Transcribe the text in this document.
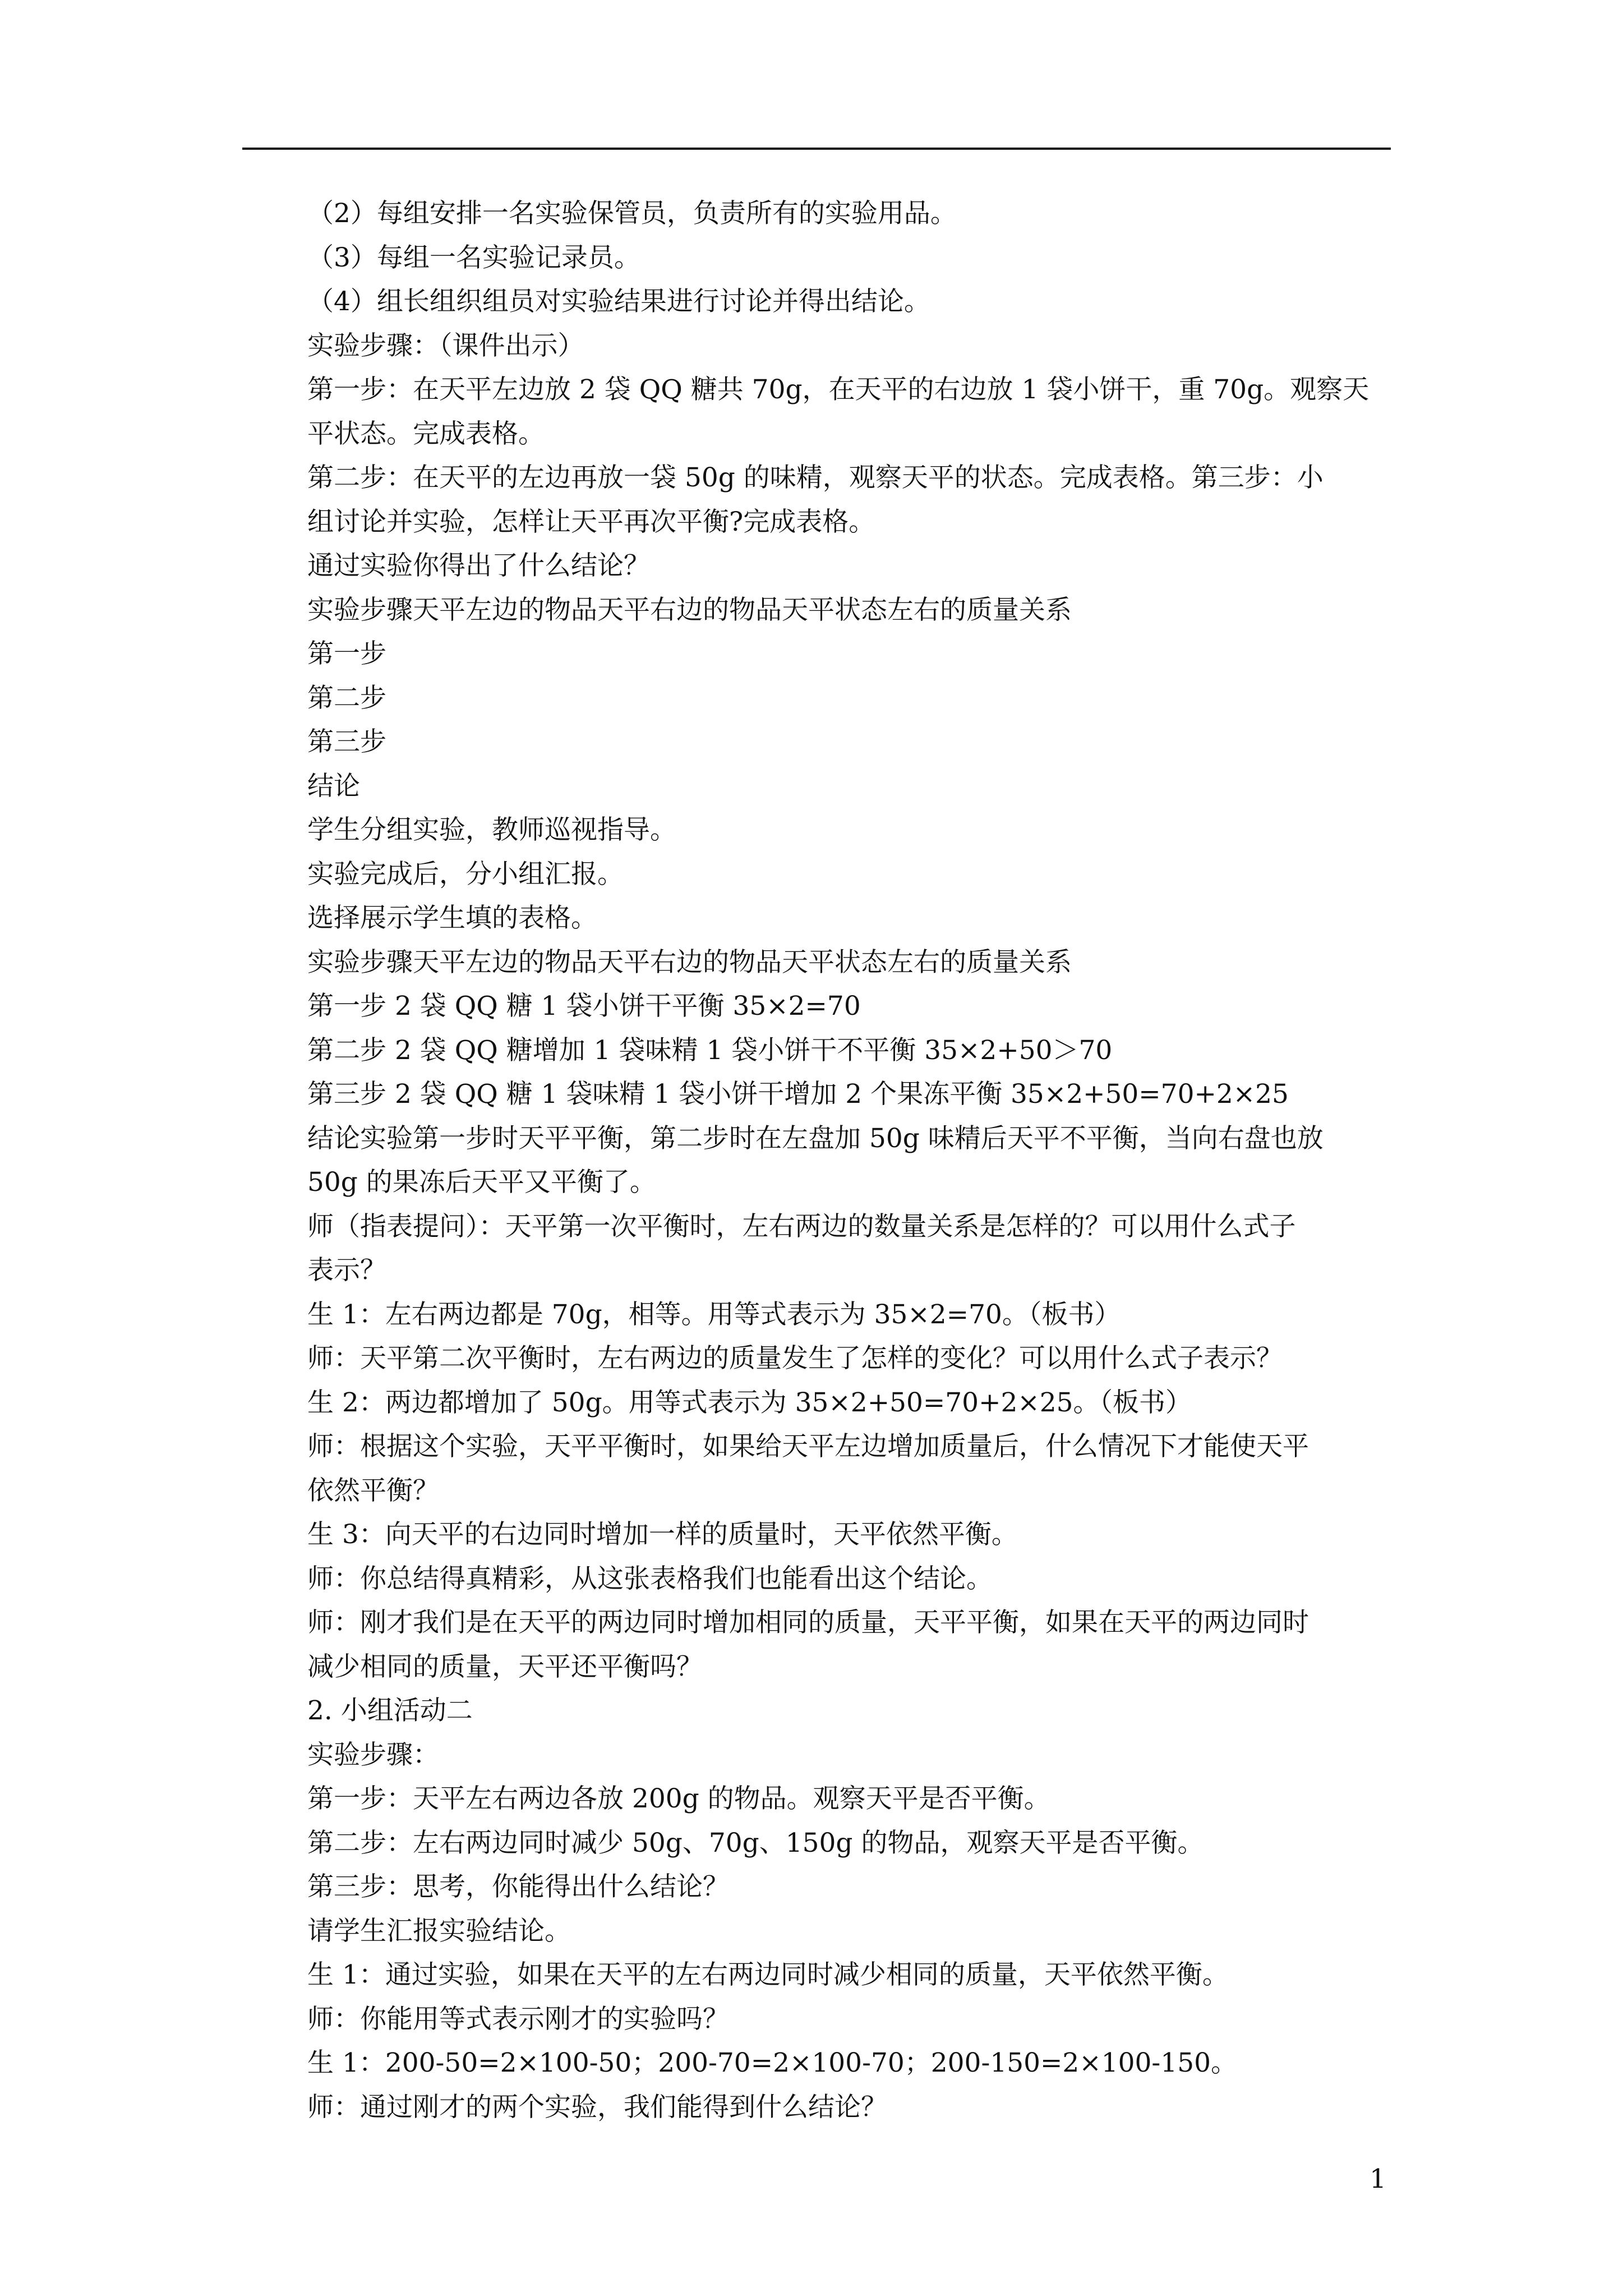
（2）每组安排一名实验保管员，负责所有的实验用品。
（3）每组一名实验记录员。
（4）组长组织组员对实验结果进行讨论并得出结论。
实验步骤：（课件出示）
第一步：在天平左边放 2 袋 QQ 糖共 70g，在天平的右边放 1 袋小饼干，重 70g。观察天
平状态。完成表格。
第二步：在天平的左边再放一袋 50g 的味精，观察天平的状态。完成表格。第三步：小
组讨论并实验，怎样让天平再次平衡?完成表格。
通过实验你得出了什么结论？
实验步骤天平左边的物品天平右边的物品天平状态左右的质量关系
第一步
第二步
第三步
结论
学生分组实验，教师巡视指导。
实验完成后，分小组汇报。
选择展示学生填的表格。
实验步骤天平左边的物品天平右边的物品天平状态左右的质量关系
第一步 2 袋 QQ 糖 1 袋小饼干平衡 35×2=70
第二步 2 袋 QQ 糖增加 1 袋味精 1 袋小饼干不平衡 35×2+50＞70
第三步 2 袋 QQ 糖 1 袋味精 1 袋小饼干增加 2 个果冻平衡 35×2+50=70+2×25
结论实验第一步时天平平衡，第二步时在左盘加 50g 味精后天平不平衡，当向右盘也放
50g 的果冻后天平又平衡了。
师（指表提问）：天平第一次平衡时，左右两边的数量关系是怎样的？可以用什么式子
表示？
生 1：左右两边都是 70g，相等。用等式表示为 35×2=70。（板书）
师：天平第二次平衡时，左右两边的质量发生了怎样的变化？可以用什么式子表示？
生 2：两边都增加了 50g。用等式表示为 35×2+50=70+2×25。（板书）
师：根据这个实验，天平平衡时，如果给天平左边增加质量后，什么情况下才能使天平
依然平衡？
生 3：向天平的右边同时增加一样的质量时，天平依然平衡。
师：你总结得真精彩，从这张表格我们也能看出这个结论。
师：刚才我们是在天平的两边同时增加相同的质量，天平平衡，如果在天平的两边同时
减少相同的质量，天平还平衡吗？
2. 小组活动二
实验步骤：
第一步：天平左右两边各放 200g 的物品。观察天平是否平衡。
第二步：左右两边同时减少 50g、70g、150g 的物品，观察天平是否平衡。
第三步：思考，你能得出什么结论？
请学生汇报实验结论。
生 1：通过实验，如果在天平的左右两边同时减少相同的质量，天平依然平衡。
师：你能用等式表示刚才的实验吗？
生 1：200-50=2×100-50；200-70=2×100-70；200-150=2×100-150。
师：通过刚才的两个实验，我们能得到什么结论？
1
